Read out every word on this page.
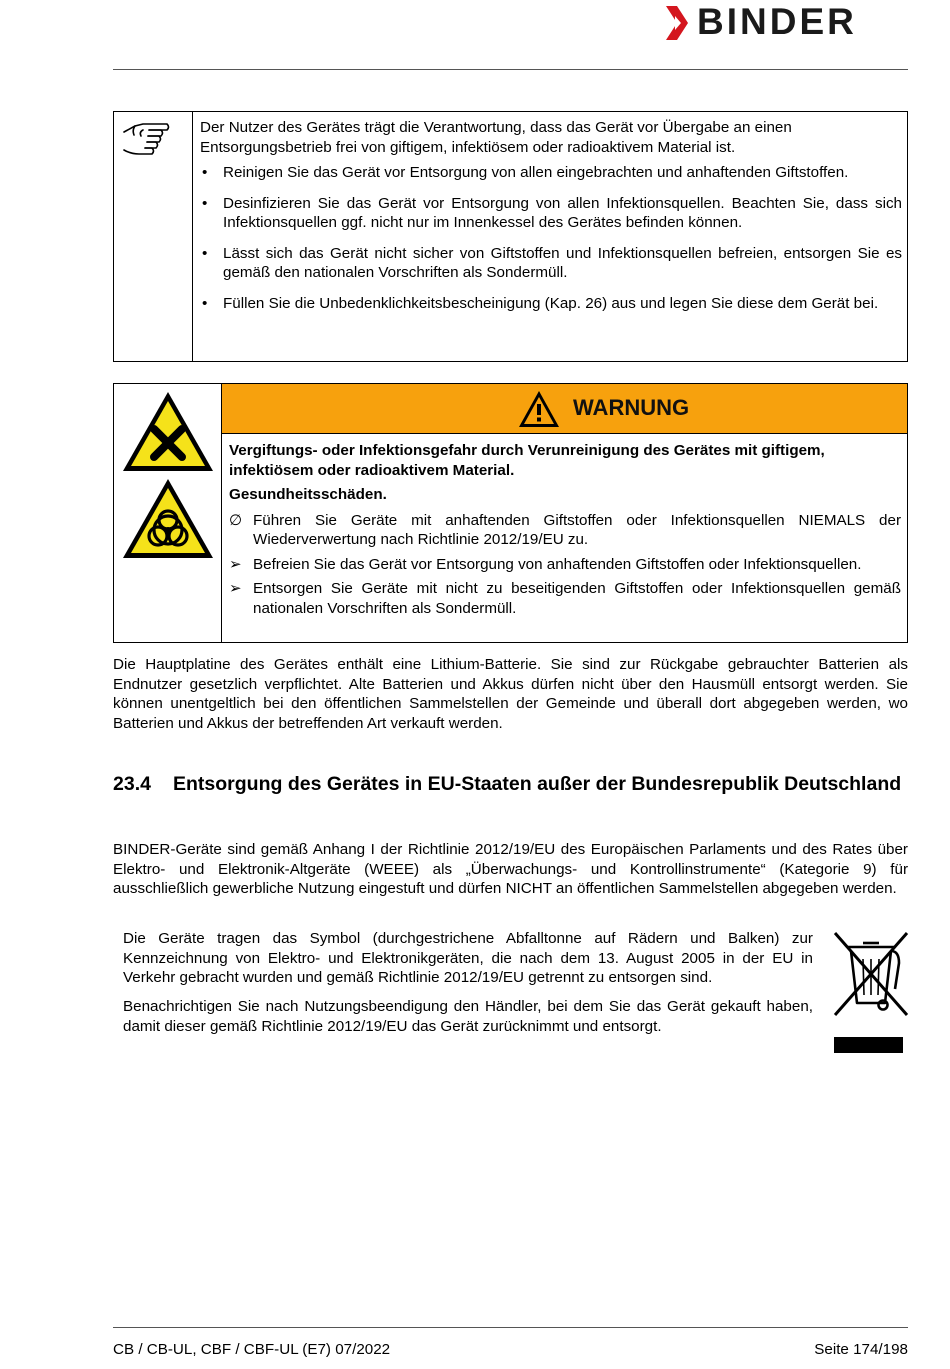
BINDER

Der Nutzer des Gerätes trägt die Verantwortung, dass das Gerät vor Übergabe an einen Entsorgungsbetrieb frei von giftigem, infektiösem oder radioaktivem Material ist.

• Reinigen Sie das Gerät vor Entsorgung von allen eingebrachten und anhaftenden Giftstoffen.
• Desinfizieren Sie das Gerät vor Entsorgung von allen Infektionsquellen. Beachten Sie, dass sich Infektionsquellen ggf. nicht nur im Innenkessel des Gerätes befinden können.
• Lässt sich das Gerät nicht sicher von Giftstoffen und Infektionsquellen befreien, entsorgen Sie es gemäß den nationalen Vorschriften als Sondermüll.
• Füllen Sie die Unbedenklichkeitsbescheinigung (Kap. 26) aus und legen Sie diese dem Gerät bei.
WARNUNG

Vergiftungs- oder Infektionsgefahr durch Verunreinigung des Gerätes mit giftigem, infektiösem oder radioaktivem Material.

Gesundheitsschäden.

∅ Führen Sie Geräte mit anhaftenden Giftstoffen oder Infektionsquellen NIEMALS der Wiederverwertung nach Richtlinie 2012/19/EU zu.
➢ Befreien Sie das Gerät vor Entsorgung von anhaftenden Giftstoffen oder Infektionsquellen.
➢ Entsorgen Sie Geräte mit nicht zu beseitigenden Giftstoffen oder Infektionsquellen gemäß nationalen Vorschriften als Sondermüll.

Die Hauptplatine des Gerätes enthält eine Lithium-Batterie. Sie sind zur Rückgabe gebrauchter Batterien als Endnutzer gesetzlich verpflichtet. Alte Batterien und Akkus dürfen nicht über den Hausmüll entsorgt werden. Sie können unentgeltlich bei den öffentlichen Sammelstellen der Gemeinde und überall dort abgegeben werden, wo Batterien und Akkus der betreffenden Art verkauft werden.

23.4 Entsorgung des Gerätes in EU-Staaten außer der Bundesrepublik Deutschland

BINDER-Geräte sind gemäß Anhang I der Richtlinie 2012/19/EU des Europäischen Parlaments und des Rates über Elektro- und Elektronik-Altgeräte (WEEE) als „Überwachungs- und Kontrollinstrumente“ (Kategorie 9) für ausschließlich gewerbliche Nutzung eingestuft und dürfen NICHT an öffentlichen Sammelstellen abgegeben werden.

Die Geräte tragen das Symbol (durchgestrichene Abfalltonne auf Rädern und Balken) zur Kennzeichnung von Elektro- und Elektronikgeräten, die nach dem 13. August 2005 in der EU in Verkehr gebracht wurden und gemäß Richtlinie 2012/19/EU getrennt zu entsorgen sind.

Benachrichtigen Sie nach Nutzungsbeendigung den Händler, bei dem Sie das Gerät gekauft haben, damit dieser gemäß Richtlinie 2012/19/EU das Gerät zurücknimmt und entsorgt.

CB / CB-UL, CBF / CBF-UL (E7) 07/2022	Seite 174/198
